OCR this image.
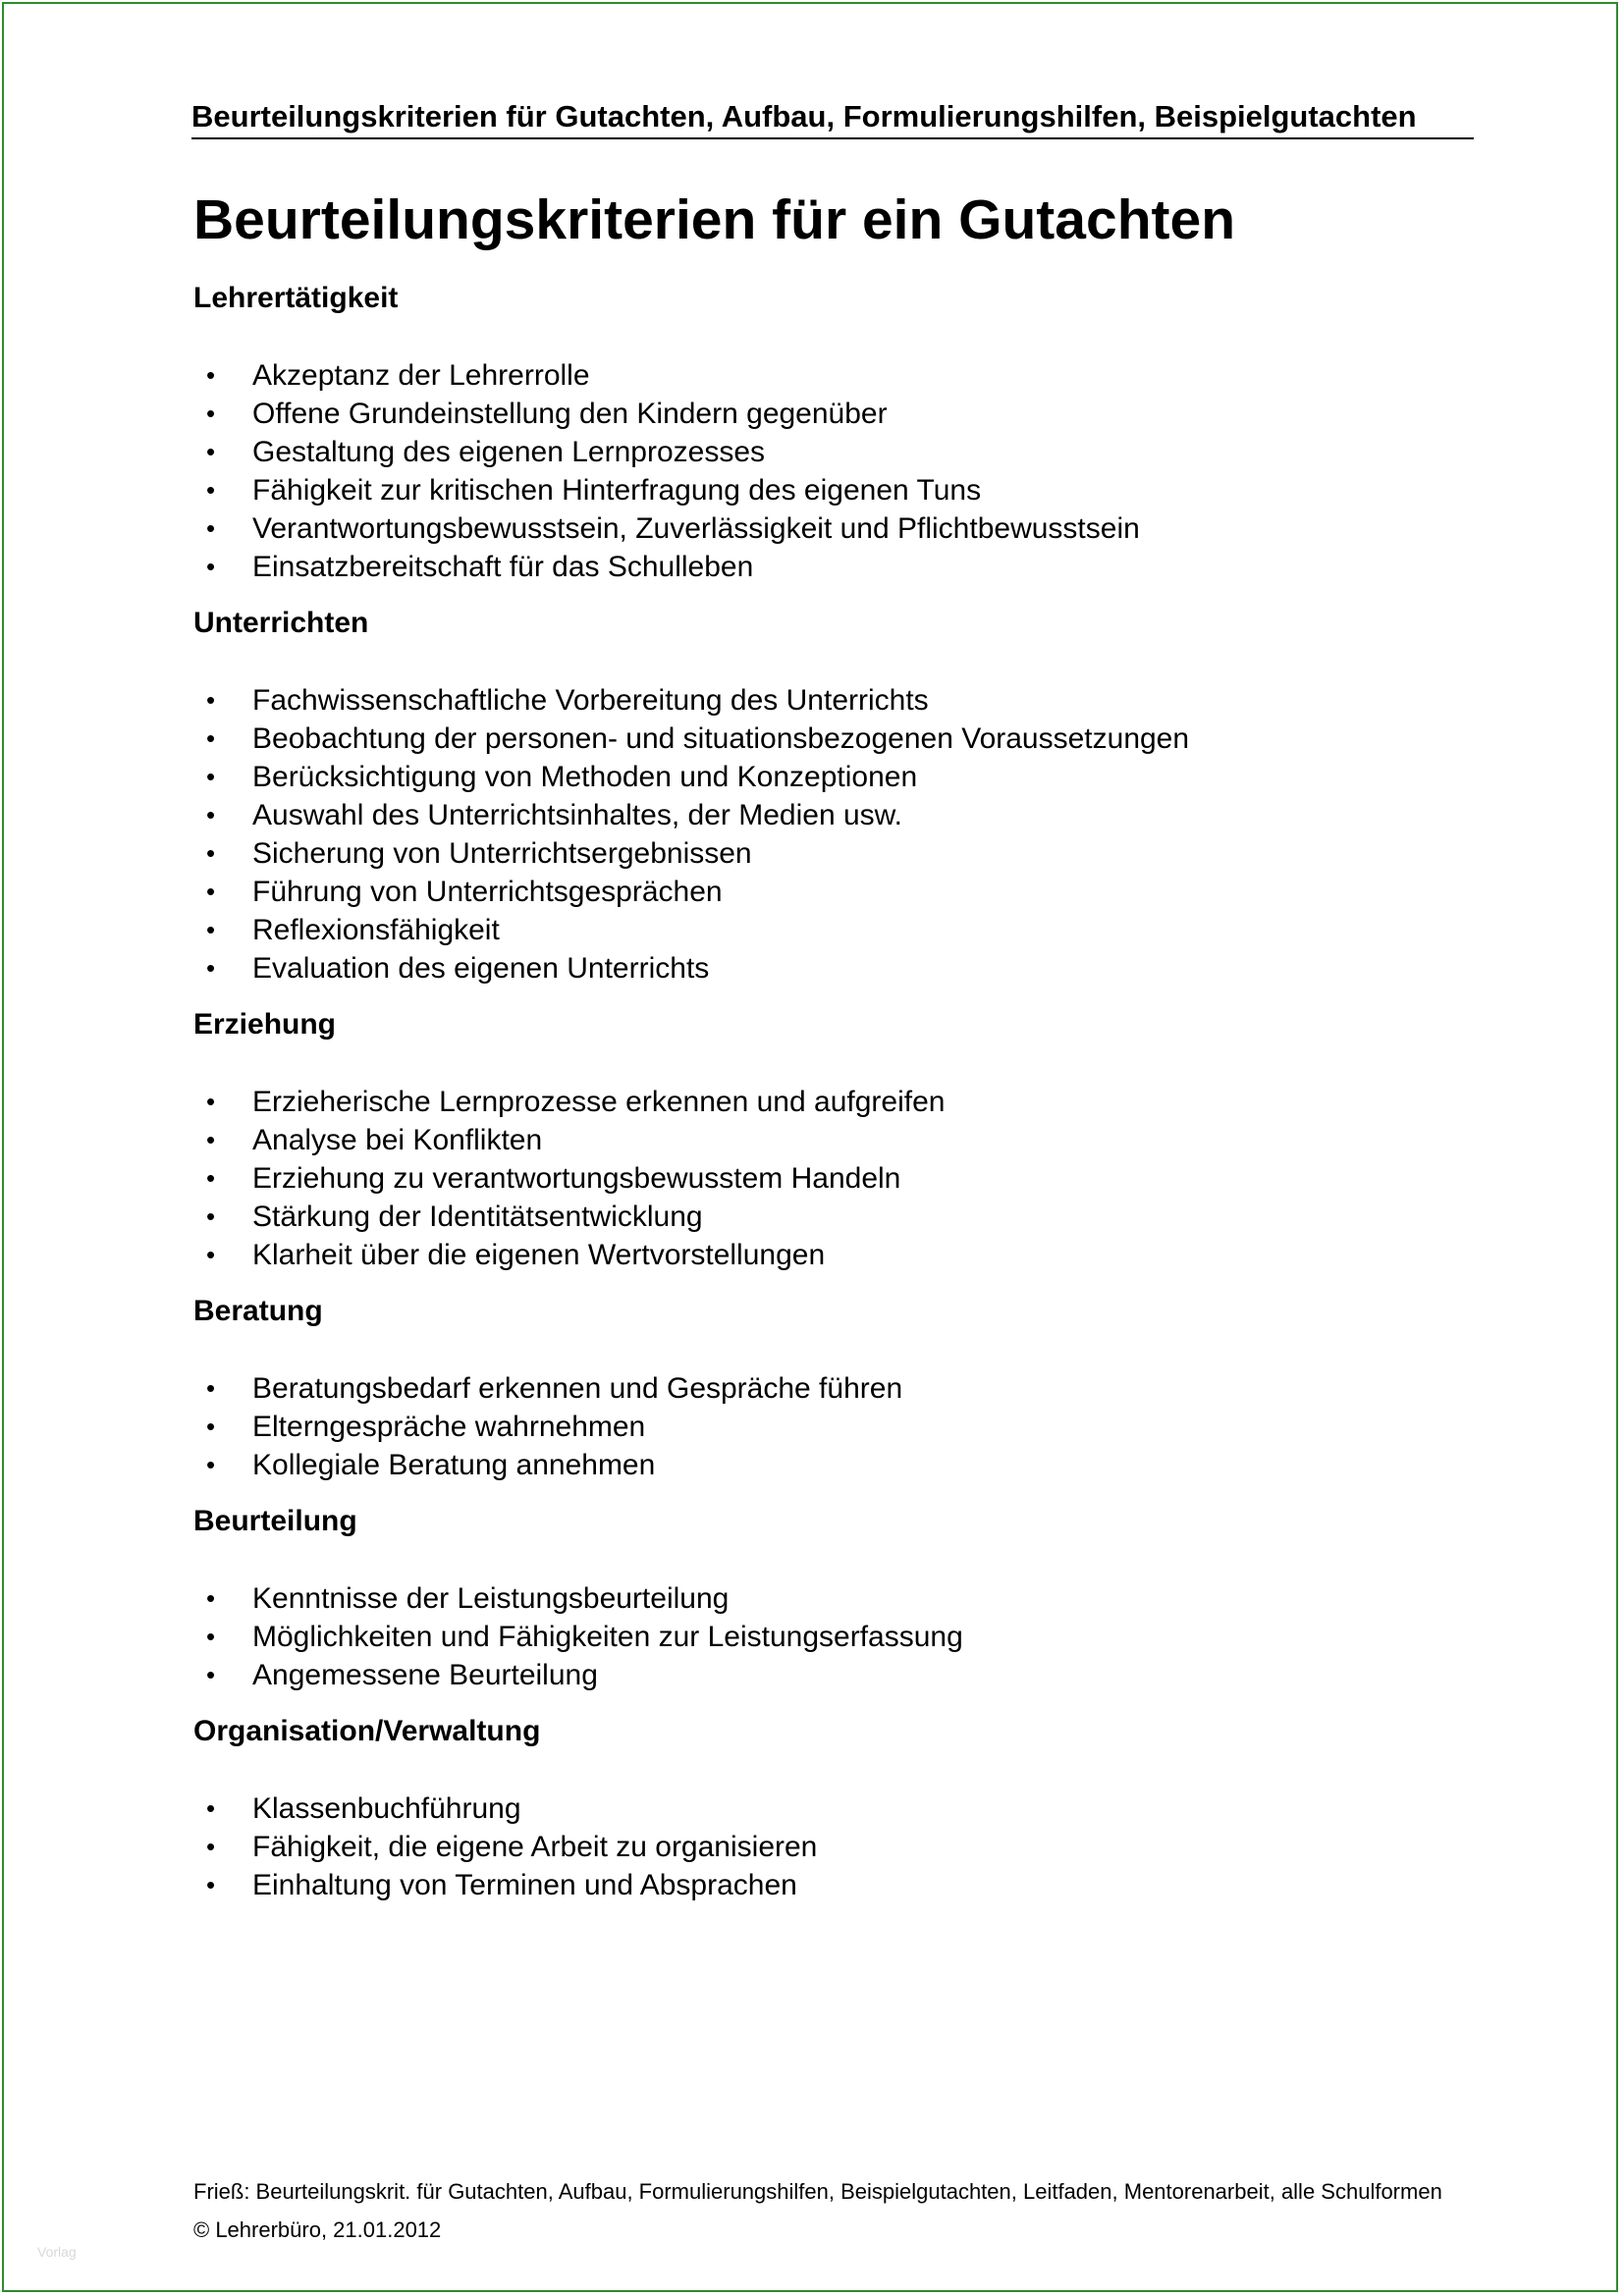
Beurteilungskriterien für Gutachten, Aufbau, Formulierungshilfen, Beispielgutachten
Beurteilungskriterien für ein Gutachten
Lehrertätigkeit
• Akzeptanz der Lehrerrolle
• Offene Grundeinstellung den Kindern gegenüber
• Gestaltung des eigenen Lernprozesses
• Fähigkeit zur kritischen Hinterfragung des eigenen Tuns
• Verantwortungsbewusstsein, Zuverlässigkeit und Pflichtbewusstsein
• Einsatzbereitschaft für das Schulleben
Unterrichten
• Fachwissenschaftliche Vorbereitung des Unterrichts
• Beobachtung der personen- und situationsbezogenen Voraussetzungen
• Berücksichtigung von Methoden und Konzeptionen
• Auswahl des Unterrichtsinhaltes, der Medien usw.
• Sicherung von Unterrichtsergebnissen
• Führung von Unterrichtsgesprächen
• Reflexionsfähigkeit
• Evaluation des eigenen Unterrichts
Erziehung
• Erzieherische Lernprozesse erkennen und aufgreifen
• Analyse bei Konflikten
• Erziehung zu verantwortungsbewusstem Handeln
• Stärkung der Identitätsentwicklung
• Klarheit über die eigenen Wertvorstellungen
Beratung
• Beratungsbedarf erkennen und Gespräche führen
• Elterngespräche wahrnehmen
• Kollegiale Beratung annehmen
Beurteilung
• Kenntnisse der Leistungsbeurteilung
• Möglichkeiten und Fähigkeiten zur Leistungserfassung
• Angemessene Beurteilung
Organisation/Verwaltung
• Klassenbuchführung
• Fähigkeit, die eigene Arbeit zu organisieren
• Einhaltung von Terminen und Absprachen
Frieß: Beurteilungskrit. für Gutachten, Aufbau, Formulierungshilfen, Beispielgutachten, Leitfaden, Mentorenarbeit, alle Schulformen
© Lehrerbüro, 21.01.2012
Vorlag
